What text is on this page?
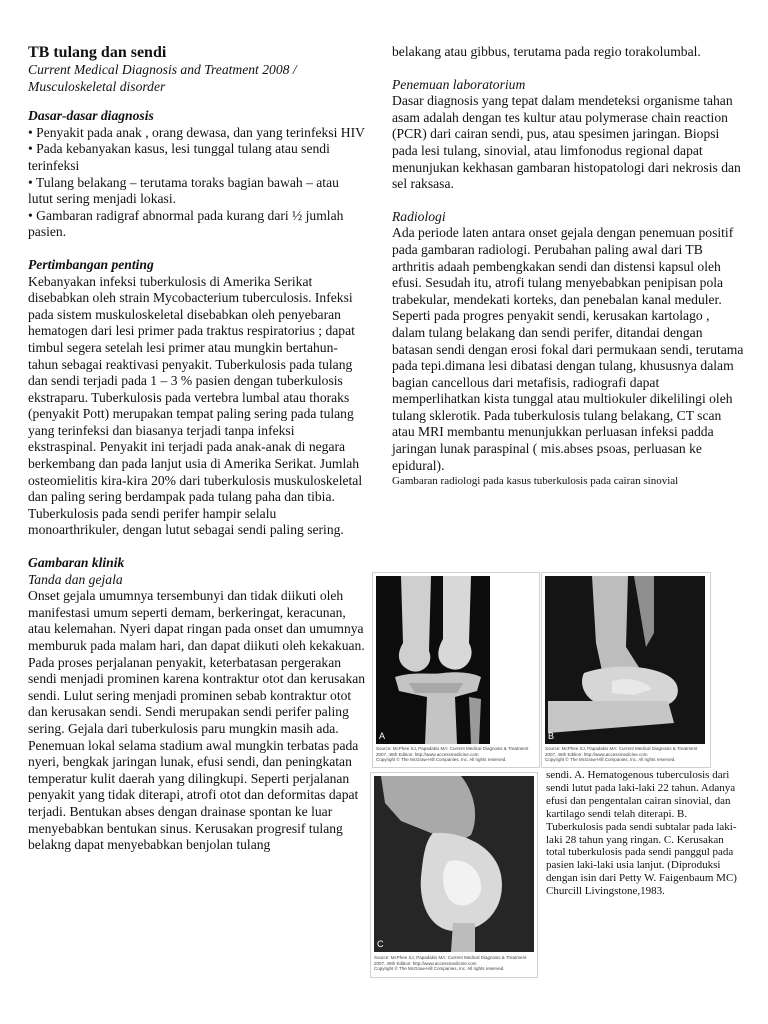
TB tulang dan sendi

Current Medical Diagnosis and Treatment 2008 / Musculoskeletal disorder

Dasar-dasar diagnosis

• Penyakit pada anak , orang dewasa, dan yang terinfeksi HIV

• Pada kebanyakan kasus, lesi tunggal tulang atau sendi terinfeksi

• Tulang belakang – terutama toraks bagian bawah – atau lutut sering menjadi lokasi.

• Gambaran radigraf abnormal pada kurang dari ½ jumlah pasien.

Pertimbangan penting

Kebanyakan infeksi tuberkulosis di Amerika Serikat disebabkan oleh strain Mycobacterium tuberculosis. Infeksi pada sistem muskuloskeletal disebabkan oleh penyebaran hematogen dari lesi primer pada traktus respiratorius ; dapat timbul segera setelah lesi primer atau mungkin bertahun-tahun sebagai reaktivasi penyakit. Tuberkulosis pada tulang dan sendi terjadi pada 1 – 3 % pasien dengan tuberkulosis ekstraparu. Tuberkulosis pada vertebra lumbal atau thoraks (penyakit Pott) merupakan tempat paling sering pada tulang yang terinfeksi dan biasanya terjadi tanpa infeksi ekstraspinal. Penyakit ini terjadi pada anak-anak di negara berkembang dan pada lanjut usia di Amerika Serikat. Jumlah osteomielitis kira-kira 20% dari tuberkulosis muskuloskeletal dan paling sering berdampak pada tulang paha dan tibia. Tuberkulosis pada sendi perifer hampir selalu monoarthrikuler, dengan lutut sebagai sendi paling sering.

Gambaran klinik

Tanda dan gejala

Onset gejala umumnya tersembunyi dan tidak diikuti oleh manifestasi umum seperti demam, berkeringat, keracunan, atau kelemahan. Nyeri dapat ringan pada onset dan umumnya memburuk pada malam hari, dan dapat diikuti oleh kekakuan. Pada proses perjalanan penyakit, keterbatasan pergerakan sendi menjadi prominen karena kontraktur otot dan kerusakan sendi. Lulut sering menjadi prominen sebab kontraktur otot dan kerusakan sendi. Sendi merupakan sendi perifer paling sering. Gejala dari tuberkulosis paru mungkin masih ada.

Penemuan lokal selama stadium awal mungkin terbatas pada nyeri, bengkak jaringan lunak, efusi sendi, dan peningkatan temperatur kulit daerah yang dilingkupi. Seperti perjalanan penyakit yang tidak diterapi, atrofi otot dan deformitas dapat terjadi. Bentukan abses dengan drainase spontan ke luar menyebabkan bentukan sinus. Kerusakan progresif tulang belakng dapat menyebabkan benjolan tulang

belakang atau gibbus, terutama pada regio torakolumbal.

Penemuan laboratorium

Dasar diagnosis yang tepat dalam mendeteksi organisme tahan asam adalah dengan tes kultur atau polymerase chain reaction (PCR) dari cairan sendi, pus, atau spesimen jaringan. Biopsi pada lesi tulang, sinovial, atau limfonodus regional dapat menunjukan kekhasan gambaran histopatologi dari nekrosis dan sel raksasa.

Radiologi

Ada periode laten antara onset gejala dengan penemuan positif pada gambaran radiologi. Perubahan paling awal dari TB arthritis adaah pembengkakan sendi dan distensi kapsul oleh efusi. Sesudah itu, atrofi tulang menyebabkan penipisan pola trabekular, mendekati korteks, dan penebalan kanal meduler. Seperti pada progres penyakit sendi, kerusakan kartolago , dalam tulang belakang dan sendi perifer, ditandai dengan batasan sendi dengan erosi fokal dari permukaan sendi, terutama pada tepi.dimana lesi dibatasi dengan tulang, khususnya dalam bagian cancellous dari metafisis, radiografi dapat memperlihatkan kista tunggal atau multiokuler dikelilingi oleh tulang sklerotik. Pada tuberkulosis tulang belakang, CT scan atau MRI membantu menunjukkan perluasan infeksi padda jaringan lunak paraspinal ( mis.abses psoas, perluasan ke epidural).

Gambaran radiologi pada kasus tuberkulosis pada cairan sinovial

A
Source: McPhee SJ, Papadakis MA: Current Medical Diagnosis & Treatment 2007, 46th Edition: http://www.accessmedicine.com
Copyright © The McGraw-Hill Companies, Inc. All rights reserved.
B
Source: McPhee SJ, Papadakis MA: Current Medical Diagnosis & Treatment 2007, 46th Edition: http://www.accessmedicine.com
Copyright © The McGraw-Hill Companies, Inc. All rights reserved.
C
Source: McPhee SJ, Papadakis MA: Current Medical Diagnosis & Treatment 2007, 46th Edition: http://www.accessmedicine.com
Copyright © The McGraw-Hill Companies, Inc. All rights reserved.

sendi. A. Hematogenous tuberculosis dari sendi lutut pada laki-laki 22 tahun. Adanya efusi dan pengentalan cairan sinovial, dan kartilago sendi telah diterapi. B. Tuberkulosis pada sendi subtalar pada laki-laki 28 tahun yang ringan. C. Kerusakan total tuberkulosis pada sendi panggul pada pasien laki-laki usia lanjut. (Diproduksi dengan isin dari Petty W. Faigenbaum MC) Churcill Livingstone,1983.
